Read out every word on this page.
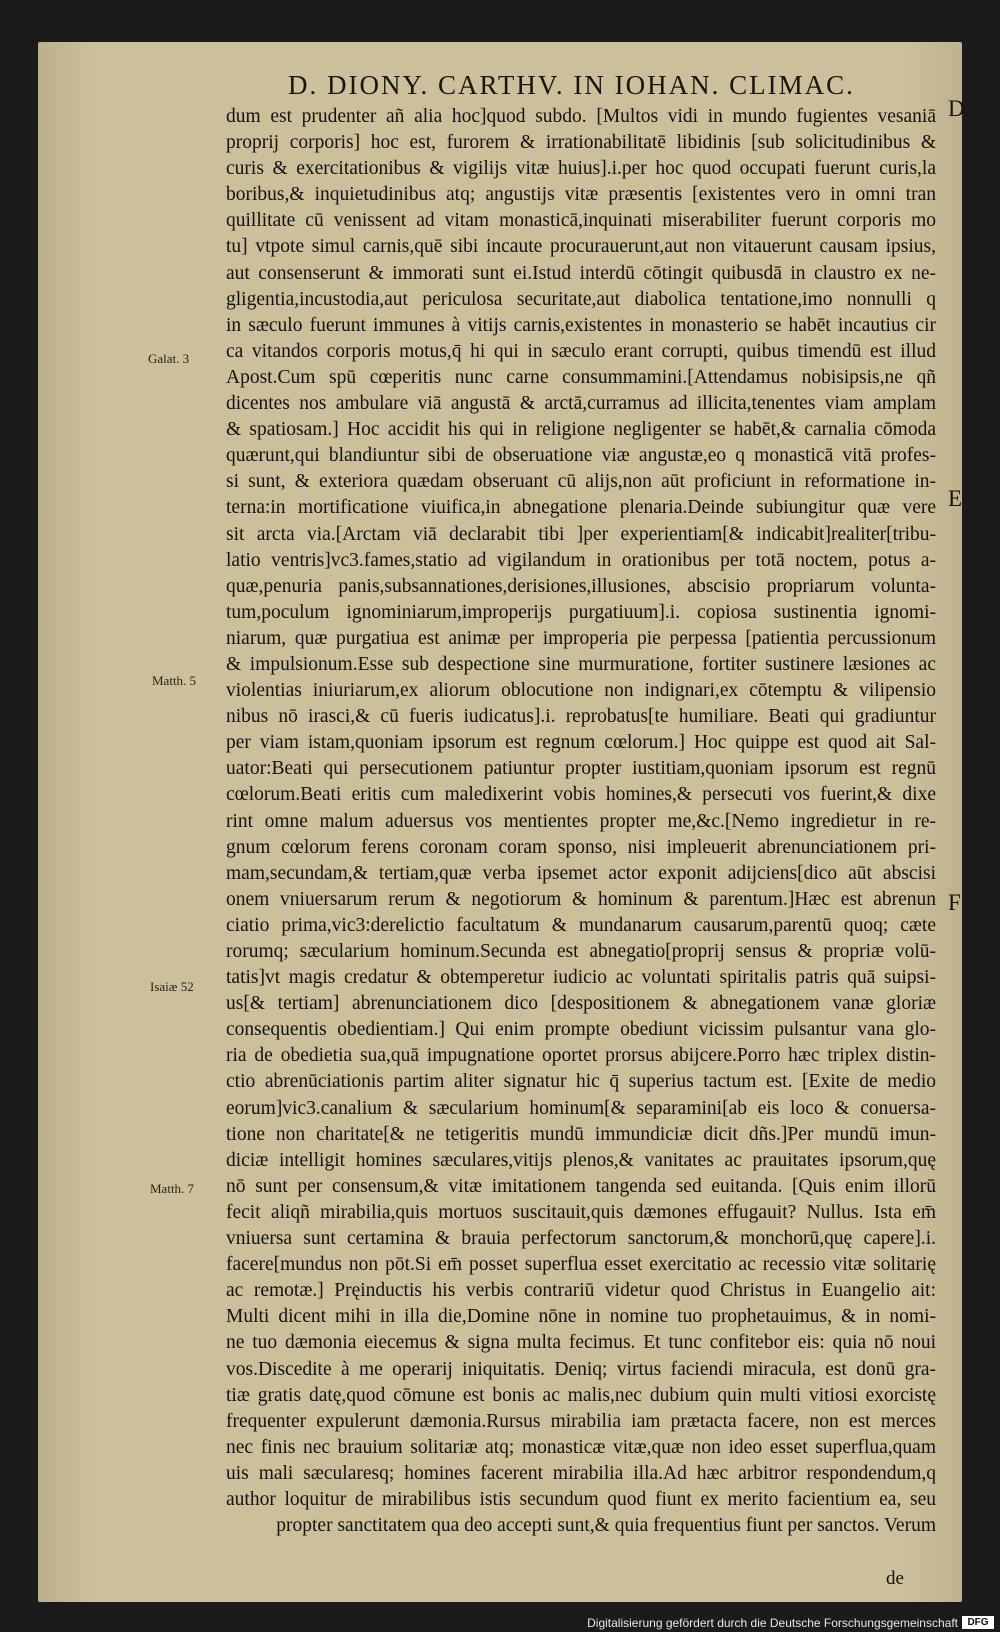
D. DIONY. CARTHV. IN IOHAN. CLIMAC.
dum est prudenter añ alia hoc]quod subdo. [Multos vidi in mundo fugientes vesaniā
proprij corporis] hoc est, furorem & irrationabilitatē libidinis [sub solicitudinibus &
curis & exercitationibus & vigilijs vitæ huius].i.per hoc quod occupati fuerunt curis,la
boribus,& inquietudinibus atq; angustijs vitæ præsentis [existentes vero in omni tran
quillitate cū venissent ad vitam monasticā,inquinati miserabiliter fuerunt corporis mo
tu] vtpote simul carnis,quē sibi incaute procurauerunt,aut non vitauerunt causam ipsius,
aut consenserunt & immorati sunt ei.Istud interdū cōtingit quibusdā in claustro ex ne-
gligentia,incustodia,aut periculosa securitate,aut diabolica tentatione,imo nonnulli q
in sæculo fuerunt immunes à vitijs carnis,existentes in monasterio se habēt incautius cir
ca vitandos corporis motus,q̄ hi qui in sæculo erant corrupti, quibus timendū est illud
Apost.Cum spū cœperitis nunc carne consummamini.[Attendamus nobisipsis,ne qñ
dicentes nos ambulare viā angustā & arctā,curramus ad illicita,tenentes viam amplam
& spatiosam.] Hoc accidit his qui in religione negligenter se habēt,& carnalia cōmoda
quærunt,qui blandiuntur sibi de obseruatione viæ angustæ,eo q monasticā vitā profes-
si sunt, & exteriora quædam obseruant cū alijs,non aūt proficiunt in reformatione in-
terna:in mortificatione viuifica,in abnegatione plenaria.Deinde subiungitur quæ vere
sit arcta via.[Arctam viā declarabit tibi ]per experientiam[& indicabit]realiter[tribu-
latio ventris]vc3.fames,statio ad vigilandum in orationibus per totā noctem, potus a-
quæ,penuria panis,subsannationes,derisiones,illusiones, abscisio propriarum volunta-
tum,poculum ignominiarum,improperijs purgatiuum].i. copiosa sustinentia ignomi-
niarum, quæ purgatiua est animæ per improperia pie perpessa [patientia percussionum
& impulsionum.Esse sub despectione sine murmuratione, fortiter sustinere læsiones ac
violentias iniuriarum,ex aliorum oblocutione non indignari,ex cōtemptu & vilipensio
nibus nō irasci,& cū fueris iudicatus].i. reprobatus[te humiliare. Beati qui gradiuntur
per viam istam,quoniam ipsorum est regnum cœlorum.] Hoc quippe est quod ait Sal-
uator:Beati qui persecutionem patiuntur propter iustitiam,quoniam ipsorum est regnū
cœlorum.Beati eritis cum maledixerint vobis homines,& persecuti vos fuerint,& dixe
rint omne malum aduersus vos mentientes propter me,&c.[Nemo ingredietur in re-
gnum cœlorum ferens coronam coram sponso, nisi impleuerit abrenunciationem pri-
mam,secundam,& tertiam,quæ verba ipsemet actor exponit adijciens[dico aūt abscisi
onem vniuersarum rerum & negotiorum & hominum & parentum.]Hæc est abrenun
ciatio prima,vic3:derelictio facultatum & mundanarum causarum,parentū quoq; cæte
rorumq; sæcularium hominum.Secunda est abnegatio[proprij sensus & propriæ volū-
tatis]vt magis credatur & obtemperetur iudicio ac voluntati spiritalis patris quā suipsi-
us[& tertiam] abrenunciationem dico [despositionem & abnegationem vanæ gloriæ
consequentis obedientiam.] Qui enim prompte obediunt vicissim pulsantur vana glo-
ria de obedietia sua,quā impugnatione oportet prorsus abijcere.Porro hæc triplex distin-
ctio abrenūciationis partim aliter signatur hic q̄ superius tactum est. [Exite de medio
eorum]vic3.canalium & sæcularium hominum[& separamini[ab eis loco & conuersa-
tione non charitate[& ne tetigeritis mundū immundiciæ dicit dñs.]Per mundū imun-
diciæ intelligit homines sæculares,vitijs plenos,& vanitates ac prauitates ipsorum,quę
nō sunt per consensum,& vitæ imitationem tangenda sed euitanda. [Quis enim illorū
fecit aliqñ mirabilia,quis mortuos suscitauit,quis dæmones effugauit? Nullus. Ista em̄
vniuersa sunt certamina & brauia perfectorum sanctorum,& monchorū,quę capere].i.
facere[mundus non pōt.Si em̄ posset superflua esset exercitatio ac recessio vitæ solitarię
ac remotæ.] Pręinductis his verbis contrariū videtur quod Christus in Euangelio ait:
Multi dicent mihi in illa die,Domine nōne in nomine tuo prophetauimus, & in nomi-
ne tuo dæmonia eiecemus & signa multa fecimus. Et tunc confitebor eis: quia nō noui
vos.Discedite à me operarij iniquitatis. Deniq; virtus faciendi miracula, est donū gra-
tiæ gratis datę,quod cōmune est bonis ac malis,nec dubium quin multi vitiosi exorcistę
frequenter expulerunt dæmonia.Rursus mirabilia iam prætacta facere, non est merces
nec finis nec brauium solitariæ atq; monasticæ vitæ,quæ non ideo esset superflua,quam
uis mali sæcularesq; homines facerent mirabilia illa.Ad hæc arbitror respondendum,q
author loquitur de mirabilibus istis secundum quod fiunt ex merito facientium ea, seu
propter sanctitatem qua deo accepti sunt,& quia frequentius fiunt per sanctos. Verum
Galat. 3
Matth. 5
Isaiæ 52
Matth. 7
D
E
F
de
Digitalisierung gefördert durch die Deutsche Forschungsgemeinschaft DFG
